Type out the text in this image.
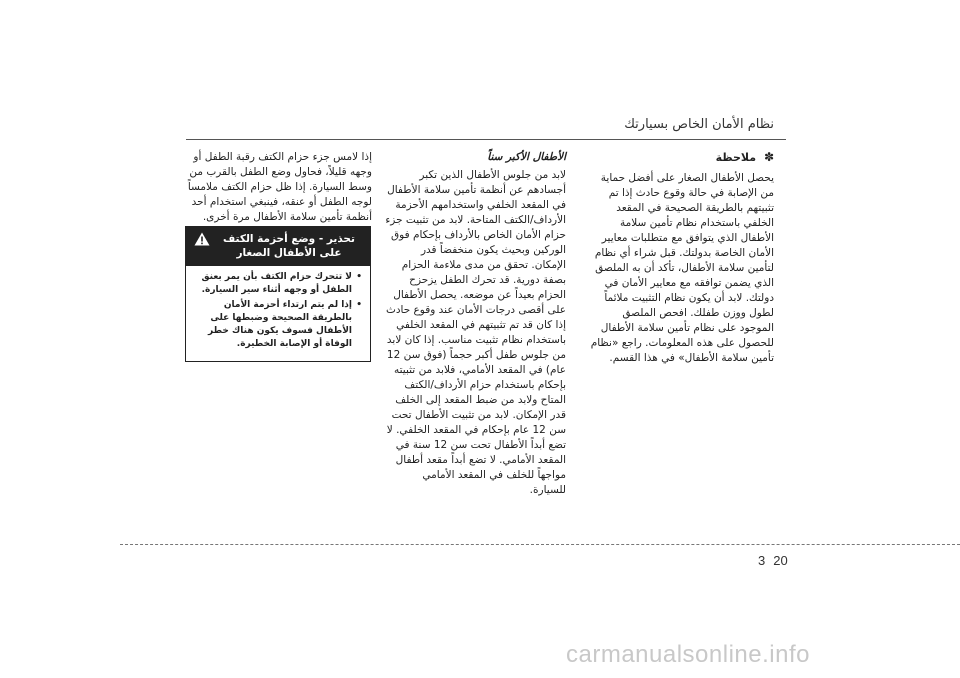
نظام الأمان الخاص بسيارتك
✽ ملاحظة

يحصل الأطفال الصغار على أفضل حماية من الإصابة في حالة وقوع حادث إذا تم تثبيتهم بالطريقة الصحيحة في المقعد الخلفي باستخدام نظام تأمين سلامة الأطفال الذي يتوافق مع متطلبات معايير الأمان الخاصة بدولتك. قبل شراء أي نظام لتأمين سلامة الأطفال، تأكد أن به الملصق الذي يضمن توافقه مع معايير الأمان في دولتك. لابد أن يكون نظام التثبيت ملائماً لطول ووزن طفلك. افحص الملصق الموجود على نظام تأمين سلامة الأطفال للحصول على هذه المعلومات. راجع «نظام تأمين سلامة الأطفال» في هذا القسم.

الأطفال الأكبر سناً

لابد من جلوس الأطفال الذين تكبر أجسادهم عن أنظمة تأمين سلامة الأطفال في المقعد الخلفي واستخدامهم الأحزمة الأرداف/الكتف المتاحة. لابد من تثبيت جزء حزام الأمان الخاص بالأرداف بإحكام فوق الوركين وبحيث يكون منخفضاً قدر الإمكان. تحقق من مدى ملاءمة الحزام بصفة دورية. قد تحرك الطفل يزحزح الحزام بعيداً عن موضعه. يحصل الأطفال على أقصى درجات الأمان عند وقوع حادث إذا كان قد تم تثبيتهم في المقعد الخلفي باستخدام نظام تثبيت مناسب. إذا كان لابد من جلوس طفل أكبر حجماً (فوق سن 12 عام) في المقعد الأمامي، فلابد من تثبيته بإحكام باستخدام حزام الأرداف/الكتف المتاح ولابد من ضبط المقعد إلى الخلف قدر الإمكان. لابد من تثبيت الأطفال تحت سن 12 عام بإحكام في المقعد الخلفي. لا تضع أبداً الأطفال تحت سن 12 سنة في المقعد الأمامي. لا تضع أبداً مقعد أطفال مواجهاً للخلف في المقعد الأمامي للسيارة.

إذا لامس جزء حزام الكتف رقبة الطفل أو وجهه قليلاً، فحاول وضع الطفل بالقرب من وسط السيارة. إذا ظل حزام الكتف ملامساً لوجه الطفل أو عنقه، فينبغي استخدام أحد أنظمة تأمين سلامة الأطفال مرة أخرى.

تحذير - وضع أحزمة الكتف على الأطفال الصغار
•
لا تتحرك حزام الكتف بأن يمر بعنق الطفل أو وجهه أثناء سير السيارة.
•
إذا لم يتم ارتداء أحزمة الأمان بالطريقة الصحيحة وضبطها على الأطفال فسوف يكون هناك خطر الوفاة أو الإصابة الخطيرة.
3 20
carmanualsonline.info
